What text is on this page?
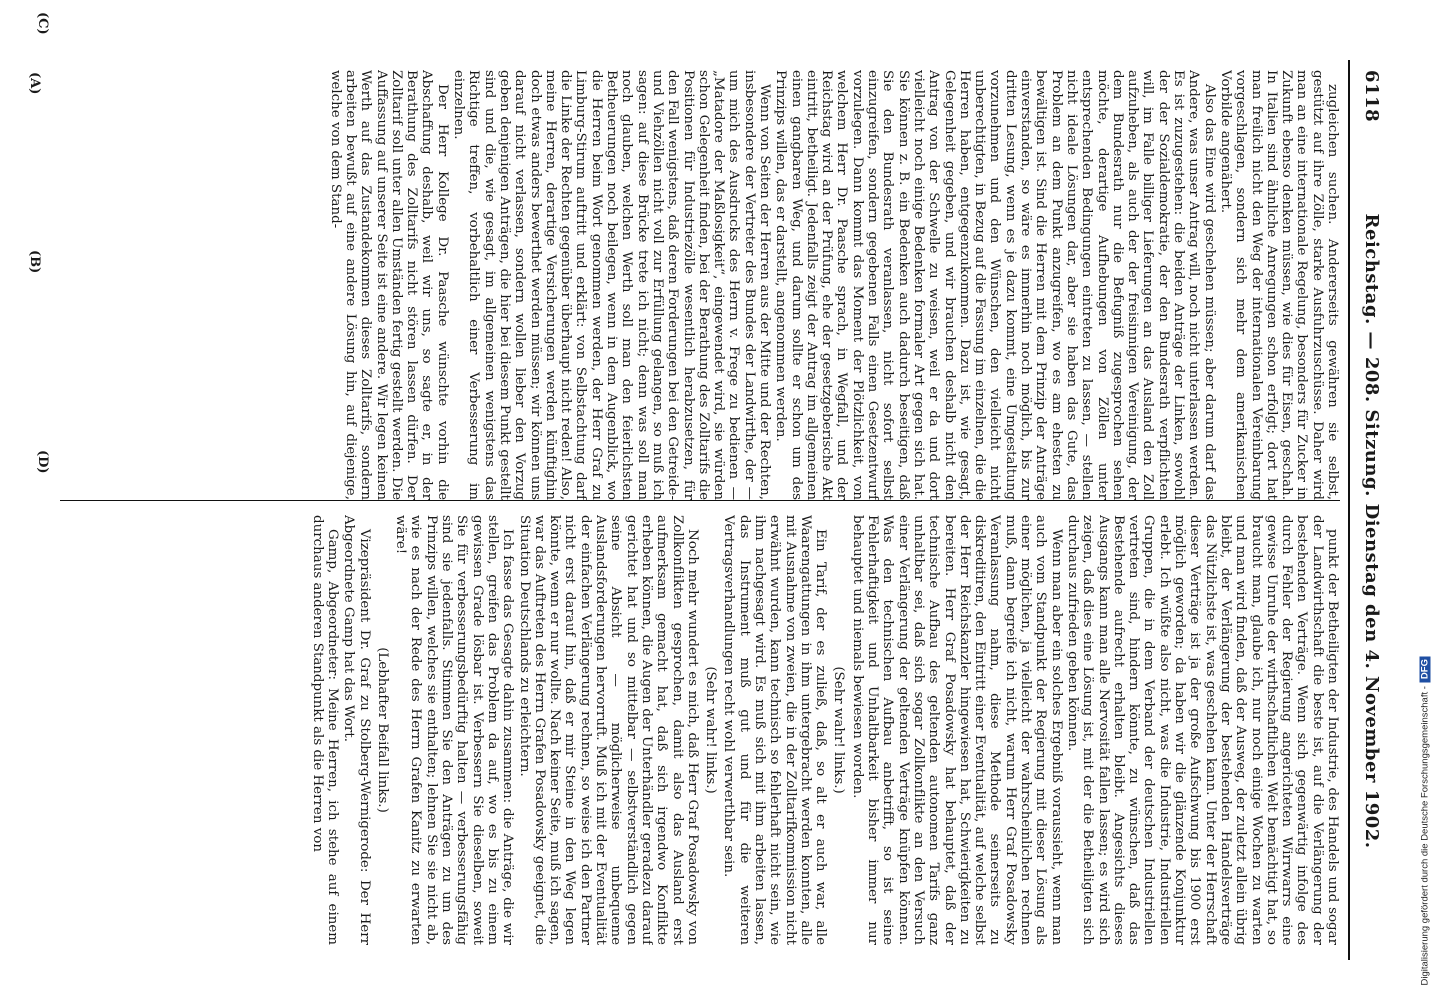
6118
Reichstag. — 208. Sitzung. Dienstag den 4. November 1902.

zugleichen suchen. Andererseits gewähren sie selbst, gestützt auf ihre Zölle, starke Ausfuhrzuschüsse. Daher wird man an eine internationale Regelung, besonders für Zucker in Zukunft ebenso denken müssen, wie dies für Eisen, geschah. In Italien sind ähnliche Anregungen schon erfolgt; dort hat man freilich nicht den Weg der internationalen Vereinbarung vorgeschlagen, sondern sich mehr dem amerikanischen Vorbilde angenähert.

Also das Eine wird geschehen müssen; aber darum darf das Andere, was unser Antrag will, noch nicht unterlassen werden. Es ist zuzugestehen: die beiden Anträge der Linken, sowohl der der Sozialdemokratie, der den Bundesrath verpflichten will, im Falle billiger Lieferungen an das Ausland den Zoll aufzuheben, als auch der der freisinnigen Vereinigung, der dem Bundesrath nur die Befugniß zugesprochen sehen möchte, derartige Aufhebungen von Zöllen unter entsprechenden Bedingungen eintreten zu lassen, — stellen nicht ideale Lösungen dar, aber sie haben das Gute, das Problem an dem Punkt anzugreifen, wo es am ehesten zu bewältigen ist. Sind die Herren mit dem Prinzip der Anträge einverstanden, so wäre es immerhin noch möglich, bis zur dritten Lesung, wenn es je dazu kommt, eine Umgestaltung vorzunehmen und den Wünschen, den vielleicht nicht unberechtigten, in Bezug auf die Fassung im einzelnen, die die Herren haben, entgegenzukommen. Dazu ist, wie gesagt, Gelegenheit gegeben, und wir brauchen deshalb nicht den Antrag von der Schwelle zu weisen, weil er da und dort vielleicht noch einige Bedenken formaler Art gegen sich hat. Sie können z. B. ein Bedenken auch dadurch beseitigen, daß Sie den Bundesrath veranlassen, nicht sofort selbst einzugreifen, sondern gegebenen Falls einen Gesetzentwurf vorzulegen. Dann kommt das Moment der Plötzlichkeit, von welchem Herr Dr. Paasche sprach, in Wegfall, und der Reichstag wird an der Prüfung, ehe der gesetzgeberische Akt eintritt, betheiligt. Jedenfalls zeigt der Antrag im allgemeinen einen gangbaren Weg, und darum sollte er schon um des Prinzips willen, das er darstellt, angenommen werden.

Wenn von Seiten der Herren aus der Mitte und der Rechten, insbesondere der Vertreter des Bundes der Landwirthe, der — um mich des Ausdrucks des Herrn v. Frege zu bedienen — „Matadore der Maßlosigkeit“, eingewendet wird, sie würden schon Gelegenheit finden, bei der Berathung des Zolltarifs die Positionen für Industriezölle wesentlich herabzusetzen, für den Fall wenigstens, daß deren Forderungen bei den Getreide- und Viehzöllen nicht voll zur Erfüllung gelangen, so muß ich sagen: auf diese Brücke trete ich nicht; denn was soll man noch glauben, welchen Werth soll man den feierlichsten Betheuerungen noch beilegen, wenn in dem Augenblick, wo die Herren beim Wort genommen werden, der Herr Graf zu Limburg-Stirum auftritt und erklärt: von Selbstachtung darf die Linke der Rechten gegenüber überhaupt nicht reden! Also, meine Herren, derartige Versicherungen werden künftighin doch etwas anders bewerthet werden müssen; wir können uns darauf nicht verlassen, sondern wollen lieber den Vorzug geben denjenigen Anträgen, die hier bei diesem Punkt gestellt sind und die, wie gesagt, im allgemeinen wenigstens das Richtige treffen, vorbehaltlich einer Verbesserung im einzelnen.

Der Herr Kollege Dr. Paasche wünschte vorhin die Abschaffung deshalb, weil wir uns, so sagte er, in der Berathung des Zolltarifs nicht stören lassen dürfen. Der Zolltarif soll unter allen Umständen fertig gestellt werden. Die Auffassung auf unserer Seite ist eine andere. Wir legen keinen Werth auf das Zustandekommen dieses Zolltarifs, sondern arbeiten bewußt auf eine andere Lösung hin, auf diejenige, welche von dem Stand-

punkt der Betheiligten der Industrie, des Handels und sogar der Landwirthschaft die beste ist, auf die Verlängerung der bestehenden Verträge. Wenn sich gegenwärtig infolge des durch Fehler der Regierung angerichteten Wirrwarrs eine gewisse Unruhe der wirthschaftlichen Welt bemächtigt hat, so braucht man, glaube ich, nur noch einige Wochen zu warten und man wird finden, daß der Ausweg, der zuletzt allein übrig bleibt, der Verlängerung der bestehenden Handelsverträge das Nützlichste ist, was geschehen kann. Unter der Herrschaft dieser Verträge ist ja der große Aufschwung bis 1900 erst möglich geworden; da haben wir die glänzende Konjunktur erlebt. Ich wüßte also nicht, was die Industrie, Industriellen Gruppen, die in dem Verband der deutschen Industriellen vertreten sind, hindern könnte, zu wünschen, daß das Bestehende aufrecht erhalten bleibt. Angesichts dieses Ausgangs kann man alle Nervosität fallen lassen; es wird sich zeigen, daß dies eine Lösung ist, mit der die Betheiligten sich durchaus zufrieden geben können.

Wenn man aber ein solches Ergebniß voraussieht, wenn man auch vom Standpunkt der Regierung mit dieser Lösung als einer möglichen, ja vielleicht der wahrscheinlichen rechnen muß, dann begreife ich nicht, warum Herr Graf Posadowsky Veranlassung nahm, diese Methode seinerseits zu diskreditiren, den Eintritt einer Eventualität, auf welche selbst der Herr Reichskanzler hingewiesen hat, Schwierigkeiten zu bereiten. Herr Graf Posadowsky hat behauptet, daß der technische Aufbau des geltenden autonomen Tarifs ganz unhaltbar sei, daß sich sogar Zollkonflikte an den Versuch einer Verlängerung der geltenden Verträge knüpfen können. Was den technischen Aufbau anbetrifft, so ist seine Fehlerhaftigkeit und Unhaltbarkeit bisher immer nur behauptet und niemals bewiesen worden.

(Sehr wahr! links.)

Ein Tarif, der es zuließ, daß, so alt er auch war, alle Waarengattungen in ihm untergebracht werden konnten, alle mit Ausnahme von zweien, die in der Zolltarifkommission nicht erwähnt wurden, kann technisch so fehlerhaft nicht sein, wie ihm nachgesagt wird. Es muß sich mit ihm arbeiten lassen, das Instrument muß gut und für die weiteren Vertragsverhandlungen recht wohl verwerthbar sein.

(Sehr wahr! links.)

Noch mehr wundert es mich, daß Herr Graf Posadowsky von Zollkonflikten gesprochen, damit also das Ausland erst aufmerksam gemacht hat, daß sich irgendwo Konflikte erheben können, die Augen der Unterhändler geradezu darauf gerichtet hat und so mittelbar — selbstverständlich gegen seine Absicht — möglicherweise unbequeme Auslandsforderungen hervorruft. Muß ich mit der Eventualität der einfachen Verlängerung rechnen, so weise ich den Partner nicht erst darauf hin, daß er mir Steine in den Weg legen könnte, wenn er nur wollte. Nach keiner Seite, muß ich sagen, war das Auftreten des Herrn Grafen Posadowsky geeignet, die Situation Deutschlands zu erleichtern.

Ich fasse das Gesagte dahin zusammen: die Anträge, die wir stellen, greifen das Problem da auf, wo es bis zu einem gewissen Grade lösbar ist. Verbessern Sie dieselben, soweit Sie für verbesserungsbedürftig halten — verbesserungsfähig sind sie jedenfalls. Stimmen Sie den Anträgen zu um des Prinzips willen, welches sie enthalten; lehnen Sie sie nicht ab, wie es nach der Rede des Herrn Grafen Kanitz zu erwarten wäre!

(Lebhafter Beifall links.)

Vizepräsident Dr. Graf zu Stolberg-Wernigerode: Der Herr Abgeordnete Gamp hat das Wort.

Gamp, Abgeordneter: Meine Herren, ich stehe auf einem durchaus anderen Standpunkt als die Herren von

(A)
(B)
(C)
(D)
Digitalisierung gefördert durch die Deutsche Forschungsgemeinschaft -DFG
